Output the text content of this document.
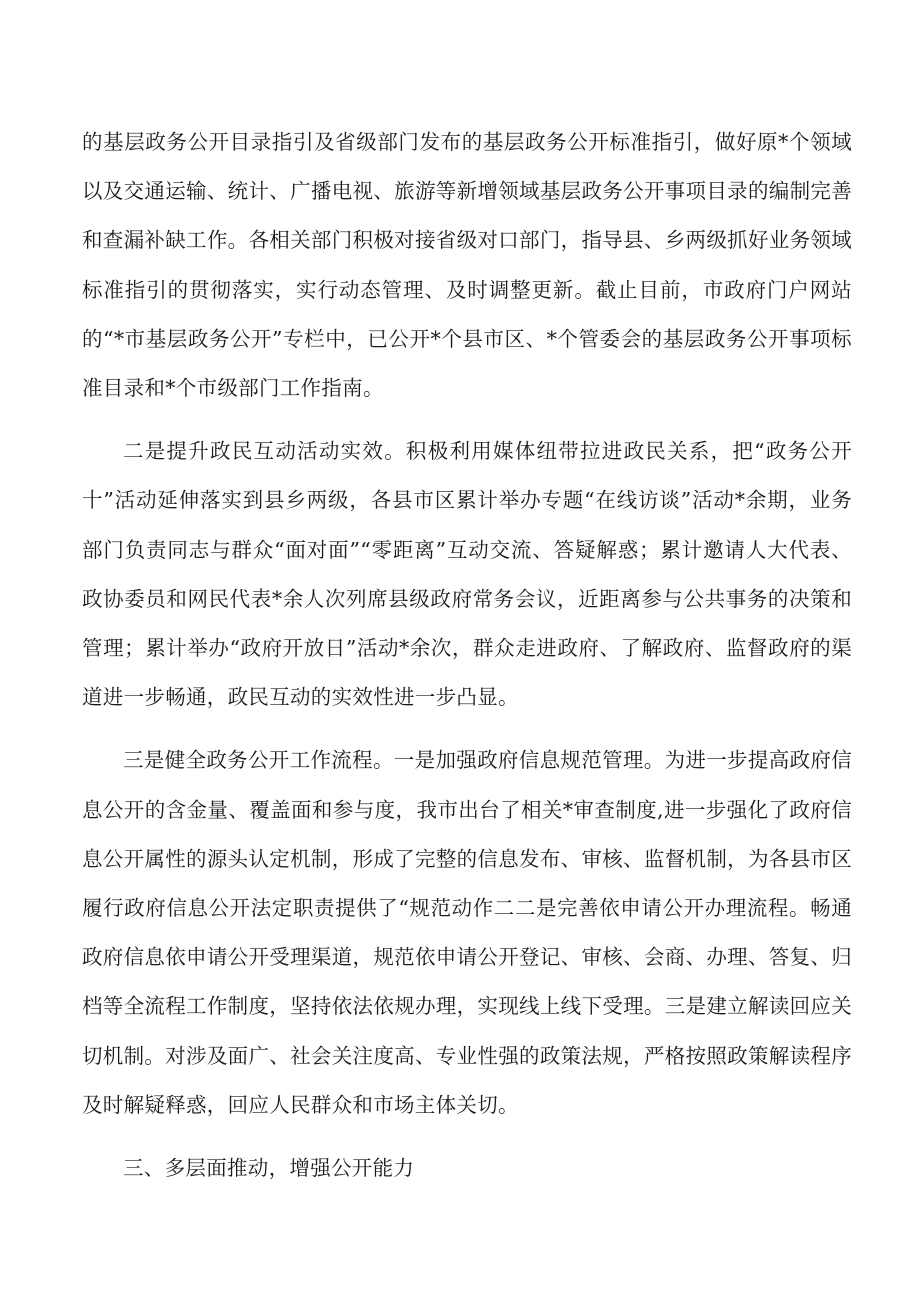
的基层政务公开目录指引及省级部门发布的基层政务公开标准指引，做好原*个领域以及交通运输、统计、广播电视、旅游等新增领域基层政务公开事项目录的编制完善和查漏补缺工作。各相关部门积极对接省级对口部门，指导县、乡两级抓好业务领域标准指引的贯彻落实，实行动态管理、及时调整更新。截止目前，市政府门户网站的“*市基层政务公开”专栏中，已公开*个县市区、*个管委会的基层政务公开事项标准目录和*个市级部门工作指南。

二是提升政民互动活动实效。积极利用媒体纽带拉进政民关系，把“政务公开十”活动延伸落实到县乡两级，各县市区累计举办专题“在线访谈”活动*余期，业务部门负责同志与群众“面对面”“零距离”互动交流、答疑解惑；累计邀请人大代表、政协委员和网民代表*余人次列席县级政府常务会议，近距离参与公共事务的决策和管理；累计举办“政府开放日”活动*余次，群众走进政府、了解政府、监督政府的渠道进一步畅通，政民互动的实效性进一步凸显。

三是健全政务公开工作流程。一是加强政府信息规范管理。为进一步提高政府信息公开的含金量、覆盖面和参与度，我市出台了相关*审查制度,进一步强化了政府信息公开属性的源头认定机制，形成了完整的信息发布、审核、监督机制，为各县市区履行政府信息公开法定职责提供了“规范动作二二是完善依申请公开办理流程。畅通政府信息依申请公开受理渠道，规范依申请公开登记、审核、会商、办理、答复、归档等全流程工作制度，坚持依法依规办理，实现线上线下受理。三是建立解读回应关切机制。对涉及面广、社会关注度高、专业性强的政策法规，严格按照政策解读程序及时解疑释惑，回应人民群众和市场主体关切。

三、多层面推动，增强公开能力
